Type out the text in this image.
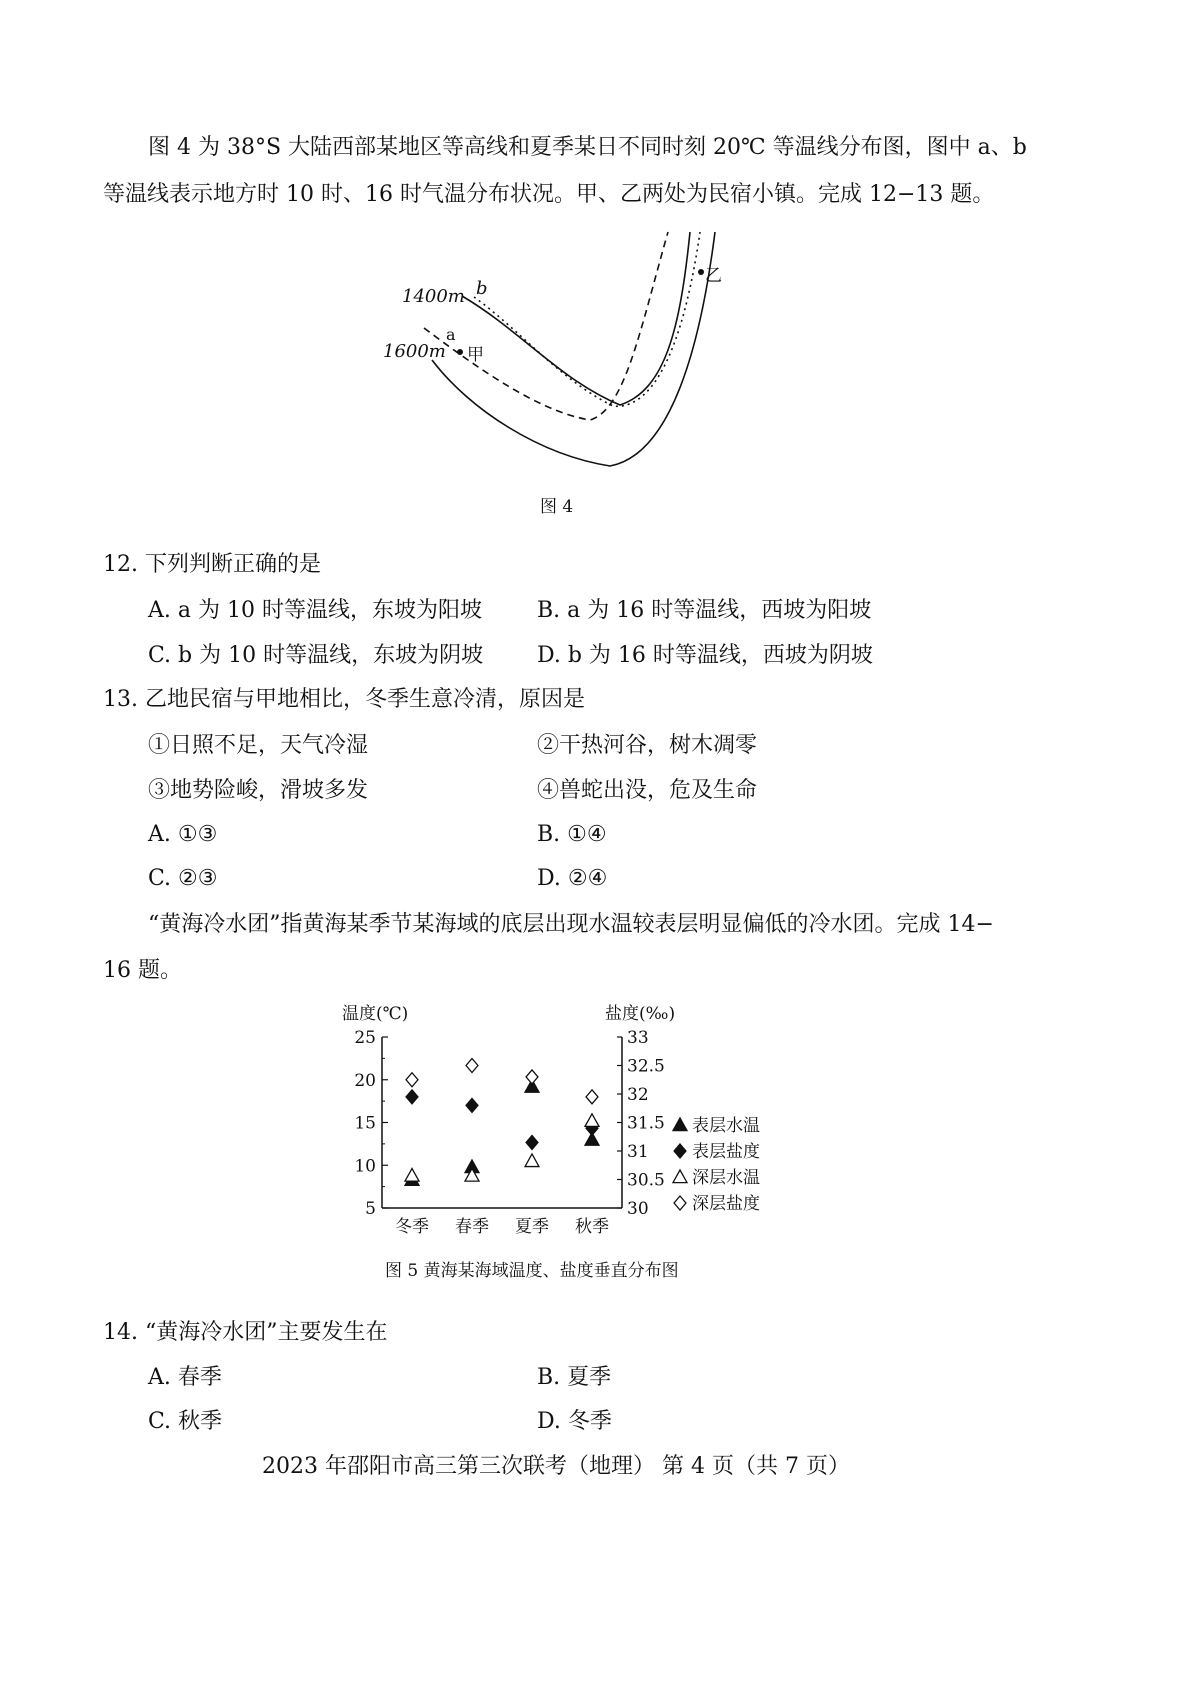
图 4 为 38°S 大陆西部某地区等高线和夏季某日不同时刻 20℃ 等温线分布图，图中 a、b
等温线表示地方时 10 时、16 时气温分布状况。甲、乙两处为民宿小镇。完成 12−13 题。
1400m
1600m
a
b
甲
乙
图 4
12. 下列判断正确的是
A. a 为 10 时等温线，东坡为阳坡	B. a 为 16 时等温线，西坡为阳坡
C. b 为 10 时等温线，东坡为阴坡 D. b 为 16 时等温线，西坡为阴坡
13. 乙地民宿与甲地相比，冬季生意冷清，原因是
①日照不足，天气冷湿	②干热河谷，树木凋零
③地势险峻，滑坡多发	④兽蛇出没，危及生命
A. ①③	B. ①④
C. ②③	D. ②④
“黄海冷水团”指黄海某季节某海域的底层出现水温较表层明显偏低的冷水团。完成 14−
16 题。
温度(℃)	盐度(‰)
25
20
15
10
5
33
32.5
32
31.5
31
30.5
30
冬季 春季 夏季 秋季
表层水温
表层盐度
深层水温
深层盐度
图 5 黄海某海域温度、盐度垂直分布图
14. “黄海冷水团”主要发生在
A. 春季	B. 夏季
C. 秋季	D. 冬季
2023 年邵阳市高三第三次联考（地理） 第 4 页（共 7 页）
